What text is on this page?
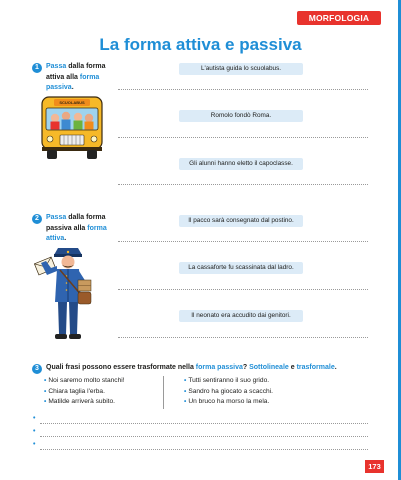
MORFOLOGIA
La forma attiva e passiva
1	Passa dalla forma attiva alla forma passiva.
SCUOLABUS
L'autista guida lo scuolabus.
Romolo fondò Roma.
Gli alunni hanno eletto il capoclasse.
2	Passa dalla forma passiva alla forma attiva.
Il pacco sarà consegnato dal postino.
La cassaforte fu scassinata dal ladro.
Il neonato era accudito dai genitori.
3	Quali frasi possono essere trasformate nella forma passiva? Sottolineale e trasformale.
• Noi saremo molto stanchi!
• Chiara taglia l'erba.
• Matilde arriverà subito.
• Tutti sentiranno il suo grido.
• Sandro ha giocato a scacchi.
• Un bruco ha morso la mela.
•
•
•
173
